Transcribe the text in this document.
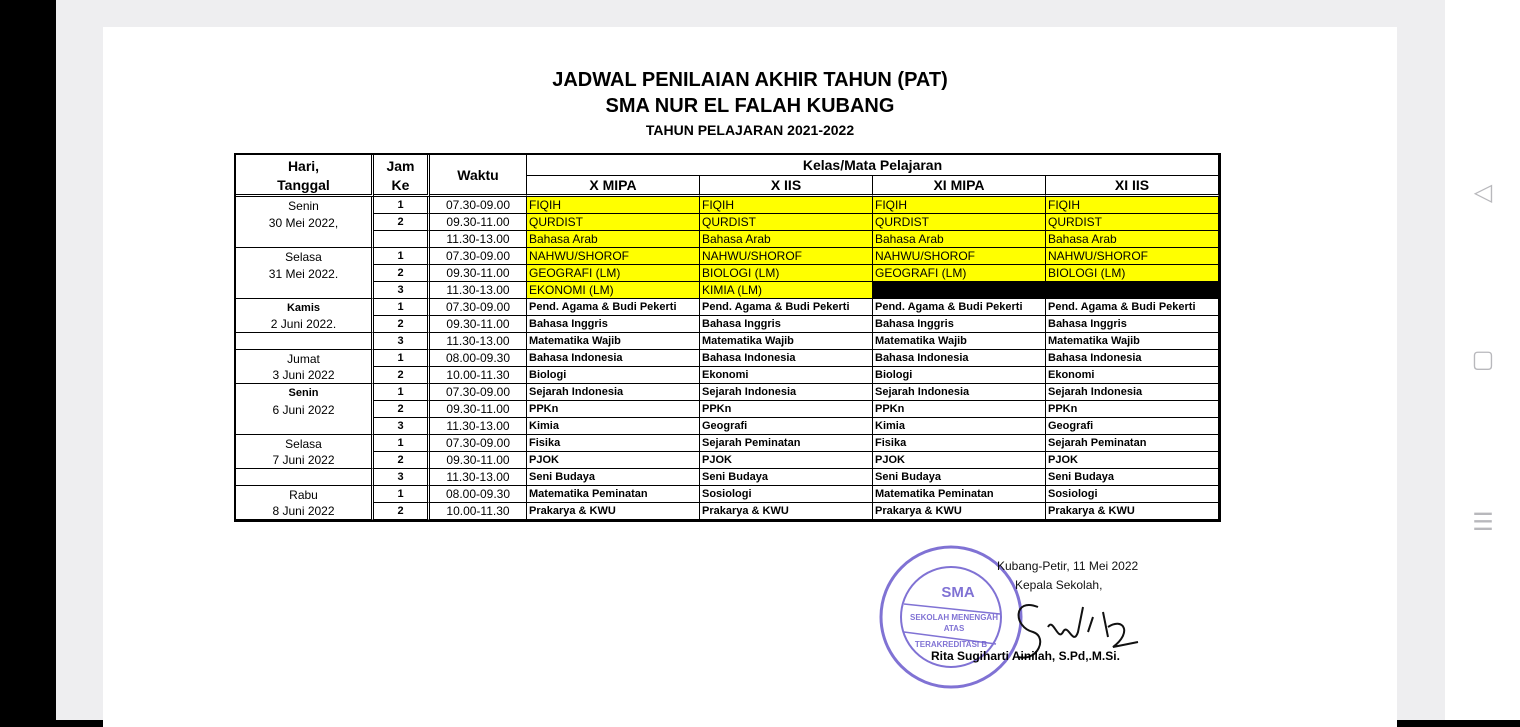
JADWAL PENILAIAN AKHIR TAHUN (PAT)
SMA NUR EL FALAH KUBANG
TAHUN PELAJARAN 2021-2022
Hari,	Jam	Waktu	Kelas/Mata Pelajaran			
Tanggal	Ke		X MIPA	X IIS	XI MIPA	XI IIS
Senin	1	07.30-09.00	FIQIH	FIQIH	FIQIH	FIQIH
30 Mei 2022,	2	09.30-11.00	QURDIST	QURDIST	QURDIST	QURDIST
		11.30-13.00	Bahasa Arab	Bahasa Arab	Bahasa Arab	Bahasa Arab
Selasa	1	07.30-09.00	NAHWU/SHOROF	NAHWU/SHOROF	NAHWU/SHOROF	NAHWU/SHOROF
31 Mei 2022.	2	09.30-11.00	GEOGRAFI (LM)	BIOLOGI (LM)	GEOGRAFI (LM)	BIOLOGI (LM)
	3	11.30-13.00	EKONOMI (LM)	KIMIA (LM)		
Kamis	1	07.30-09.00	Pend. Agama & Budi Pekerti	Pend. Agama & Budi Pekerti	Pend. Agama & Budi Pekerti	Pend. Agama & Budi Pekerti
2 Juni 2022.	2	09.30-11.00	Bahasa Inggris	Bahasa Inggris	Bahasa Inggris	Bahasa Inggris
	3	11.30-13.00	Matematika Wajib	Matematika Wajib	Matematika Wajib	Matematika Wajib
Jumat	1	08.00-09.30	Bahasa Indonesia	Bahasa Indonesia	Bahasa Indonesia	Bahasa Indonesia
3 Juni 2022	2	10.00-11.30	Biologi	Ekonomi	Biologi	Ekonomi
Senin	1	07.30-09.00	Sejarah Indonesia	Sejarah Indonesia	Sejarah Indonesia	Sejarah Indonesia
6 Juni 2022	2	09.30-11.00	PPKn	PPKn	PPKn	PPKn
	3	11.30-13.00	Kimia	Geografi	Kimia	Geografi
Selasa	1	07.30-09.00	Fisika	Sejarah Peminatan	Fisika	Sejarah Peminatan
7 Juni 2022	2	09.30-11.00	PJOK	PJOK	PJOK	PJOK
	3	11.30-13.00	Seni Budaya	Seni Budaya	Seni Budaya	Seni Budaya
Rabu	1	08.00-09.30	Matematika Peminatan	Sosiologi	Matematika Peminatan	Sosiologi
8 Juni 2022	2	10.00-11.30	Prakarya & KWU	Prakarya & KWU	Prakarya & KWU	Prakarya & KWU
SMA
SEKOLAH MENENGAH
ATAS
TERAKREDITASI B
Kubang-Petir, 11 Mei 2022
Kepala Sekolah,
Rita Sugiharti Ainilah, S.Pd,.M.Si.
◁
▢
☰
